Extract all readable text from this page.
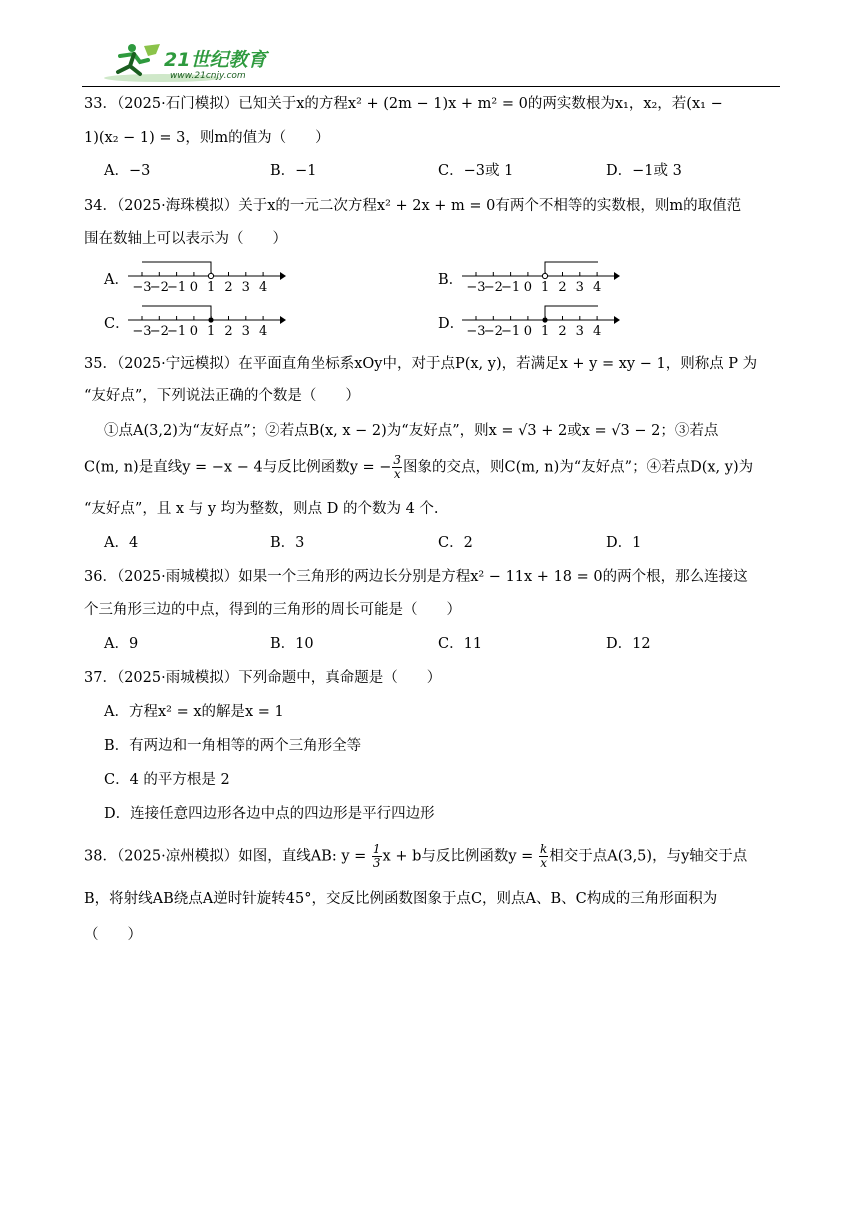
21世纪教育
www.21cnjy.com
33．（2025·石门模拟）已知关于x的方程x² + (2m − 1)x + m² = 0的两实数根为x₁，x₂，若(x₁ −
1)(x₂ − 1) = 3，则m的值为（　　）
A．−3	B．−1	C．−3或 1	D．−1或 3
34．（2025·海珠模拟）关于x的一元二次方程x² + 2x + m = 0有两个不相等的实数根，则m的取值范
围在数轴上可以表示为（　　）
A．	B．
C．	D．
−3
−2
−1 0 1 2 3 4	−3
−2
−1 0 1 2 3 4
−3
−2
−1 0 1 2 3 4	−3
−2
−1 0 1 2 3 4
35．（2025·宁远模拟）在平面直角坐标系xOy中，对于点P(x, y)，若满足x + y = xy − 1，则称点 P 为
“友好点”，下列说法正确的个数是（　　）
①点A(3,2)为“友好点”；②若点B(x, x − 2)为“友好点”，则x = √3 + 2或x = √3 − 2；③若点
C(m, n)是直线y = −x − 4与反比例函数y = − $\frac{3}{x}$ 图象的交点，则C(m, n)为“友好点”；④若点D(x, y)为
“友好点”，且 x 与 y 均为整数，则点 D 的个数为 4 个.
A．4	B．3	C．2	D．1
36．（2025·雨城模拟）如果一个三角形的两边长分别是方程x² − 11x + 18 = 0的两个根，那么连接这
个三角形三边的中点，得到的三角形的周长可能是（　　）
A．9	B．10	C．11	D．12
37．（2025·雨城模拟）下列命题中，真命题是（　　）
A．方程x² = x的解是x = 1
B．有两边和一角相等的两个三角形全等
C．4 的平方根是 2
D．连接任意四边形各边中点的四边形是平行四边形
38．（2025·凉州模拟）如图，直线AB: $y = \frac{1}{3}$ x + b与反比例函数$y = \frac{k}{x}$ 相交于点A(3,5)，与y轴交于点
B，将射线AB绕点A逆时针旋转45°，交反比例函数图象于点C，则点A、B、C构成的三角形面积为
（　　）
